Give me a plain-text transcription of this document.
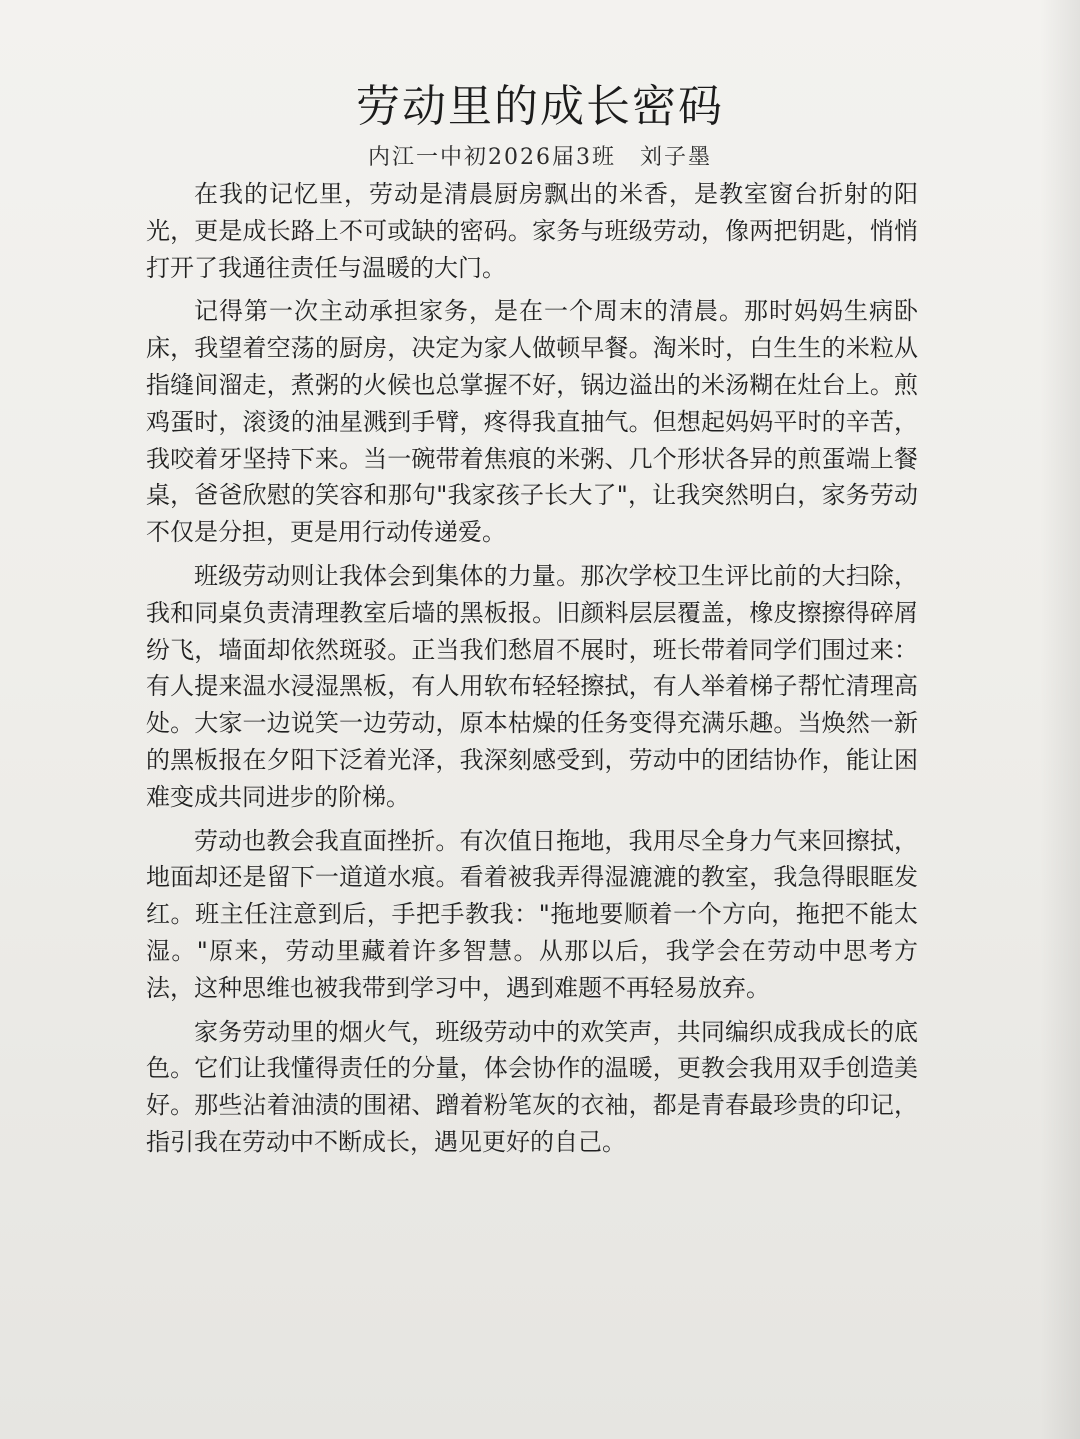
劳动里的成长密码
内江一中初2026届3班　刘子墨

在我的记忆里，劳动是清晨厨房飘出的米香，是教室窗台折射的阳光，更是成长路上不可或缺的密码。家务与班级劳动，像两把钥匙，悄悄打开了我通往责任与温暖的大门。

记得第一次主动承担家务，是在一个周末的清晨。那时妈妈生病卧床，我望着空荡的厨房，决定为家人做顿早餐。淘米时，白生生的米粒从指缝间溜走，煮粥的火候也总掌握不好，锅边溢出的米汤糊在灶台上。煎鸡蛋时，滚烫的油星溅到手臂，疼得我直抽气。但想起妈妈平时的辛苦，我咬着牙坚持下来。当一碗带着焦痕的米粥、几个形状各异的煎蛋端上餐桌，爸爸欣慰的笑容和那句"我家孩子长大了"，让我突然明白，家务劳动不仅是分担，更是用行动传递爱。

班级劳动则让我体会到集体的力量。那次学校卫生评比前的大扫除，我和同桌负责清理教室后墙的黑板报。旧颜料层层覆盖，橡皮擦擦得碎屑纷飞，墙面却依然斑驳。正当我们愁眉不展时，班长带着同学们围过来：有人提来温水浸湿黑板，有人用软布轻轻擦拭，有人举着梯子帮忙清理高处。大家一边说笑一边劳动，原本枯燥的任务变得充满乐趣。当焕然一新的黑板报在夕阳下泛着光泽，我深刻感受到，劳动中的团结协作，能让困难变成共同进步的阶梯。

劳动也教会我直面挫折。有次值日拖地，我用尽全身力气来回擦拭，地面却还是留下一道道水痕。看着被我弄得湿漉漉的教室，我急得眼眶发红。班主任注意到后，手把手教我："拖地要顺着一个方向，拖把不能太湿。"原来，劳动里藏着许多智慧。从那以后，我学会在劳动中思考方法，这种思维也被我带到学习中，遇到难题不再轻易放弃。

家务劳动里的烟火气，班级劳动中的欢笑声，共同编织成我成长的底色。它们让我懂得责任的分量，体会协作的温暖，更教会我用双手创造美好。那些沾着油渍的围裙、蹭着粉笔灰的衣袖，都是青春最珍贵的印记，指引我在劳动中不断成长，遇见更好的自己。
